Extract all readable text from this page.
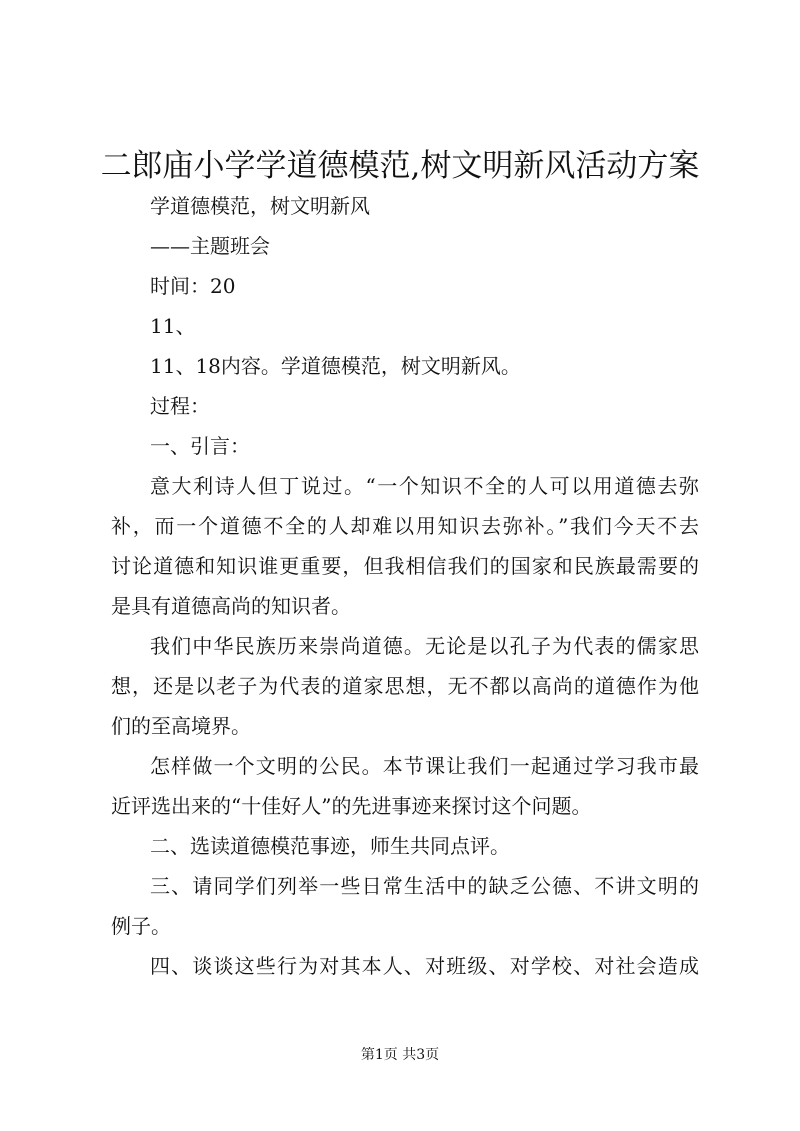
二郎庙小学学道德模范,树文明新风活动方案
学道德模范，树文明新风
——主题班会
时间：20
11、
11、18内容。学道德模范，树文明新风。
过程：
一、引言：
意大利诗人但丁说过。“一个知识不全的人可以用道德去弥
补，而一个道德不全的人却难以用知识去弥补。”我们今天不去
讨论道德和知识谁更重要，但我相信我们的国家和民族最需要的
是具有道德高尚的知识者。
我们中华民族历来崇尚道德。无论是以孔子为代表的儒家思
想，还是以老子为代表的道家思想，无不都以高尚的道德作为他
们的至高境界。
怎样做一个文明的公民。本节课让我们一起通过学习我市最
近评选出来的“十佳好人”的先进事迹来探讨这个问题。
二、选读道德模范事迹，师生共同点评。
三、请同学们列举一些日常生活中的缺乏公德、不讲文明的
例子。
四、谈谈这些行为对其本人、对班级、对学校、对社会造成
第1页 共3页
